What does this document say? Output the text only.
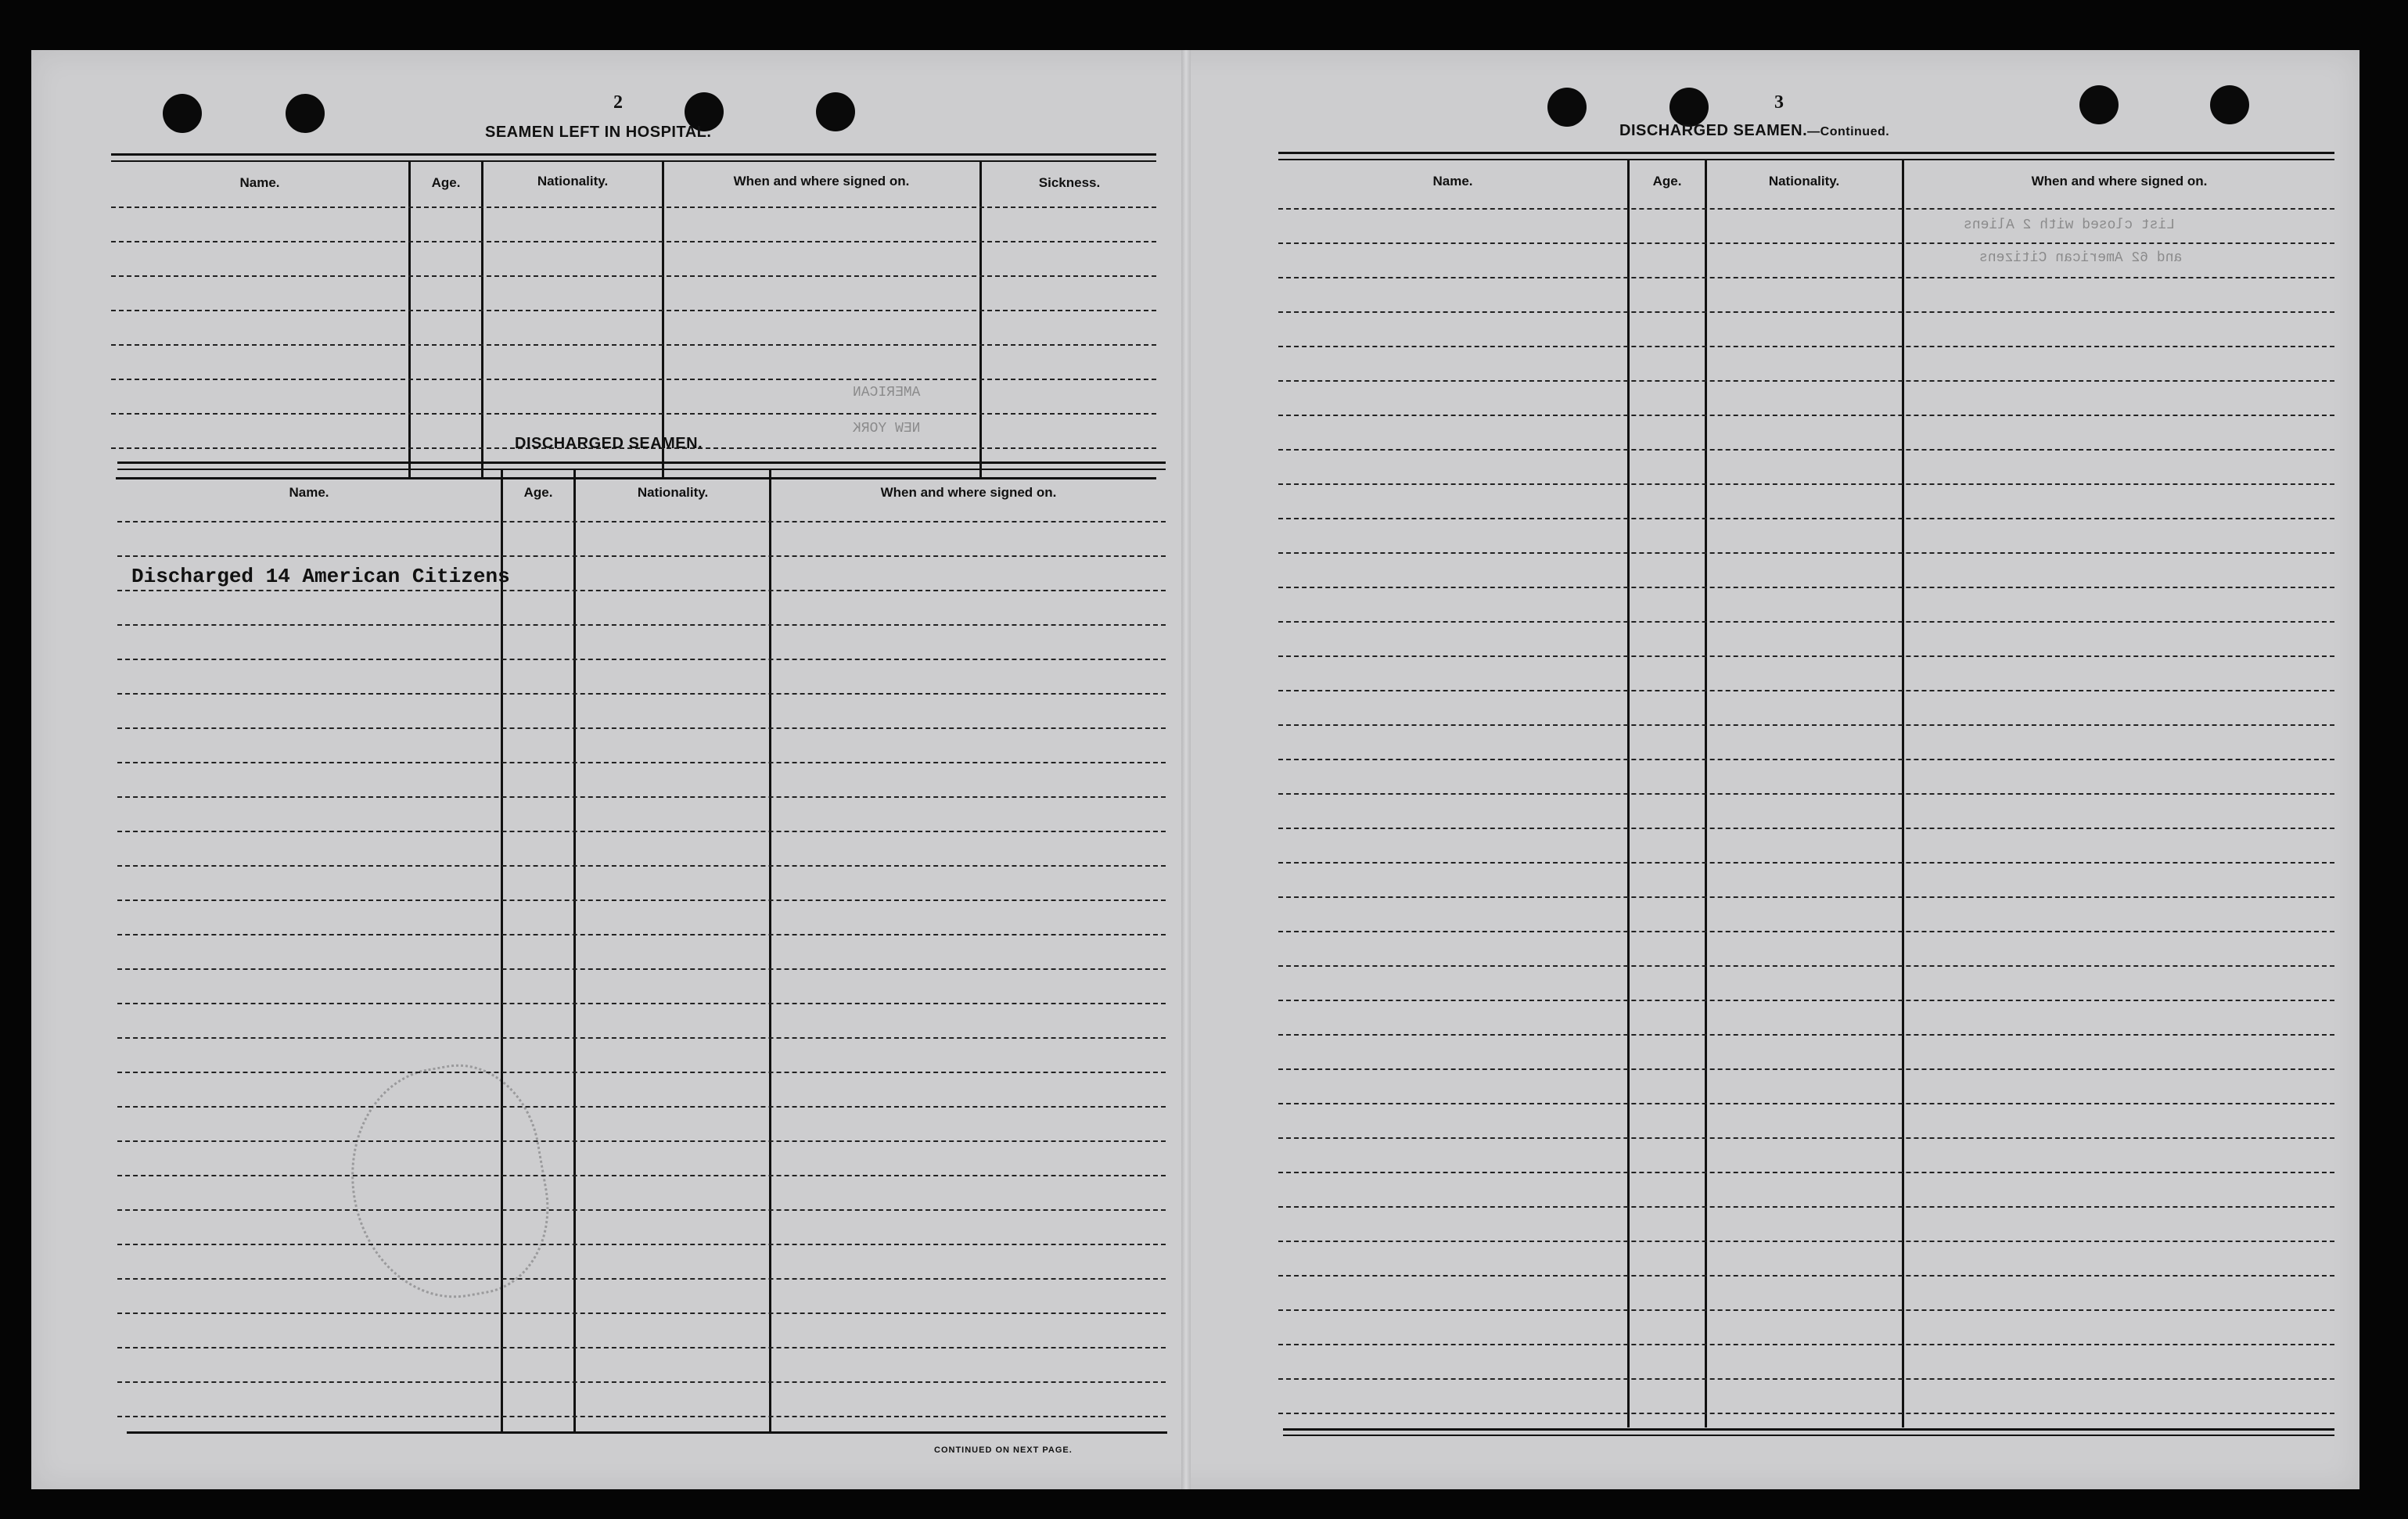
List closed with 2 Aliens
and 62 American Citizens
AMERICAN
NEW YORK
2
SEAMEN LEFT IN HOSPITAL.
Name.	Age.	Nationality.	When and where signed on.	Sickness.
DISCHARGED SEAMEN.
Name.	Age.	Nationality.	When and where signed on.
Discharged 14 American Citizens
CONTINUED ON NEXT PAGE.
3
DISCHARGED SEAMEN.—Continued.
Name.	Age.	Nationality.	When and where signed on.
